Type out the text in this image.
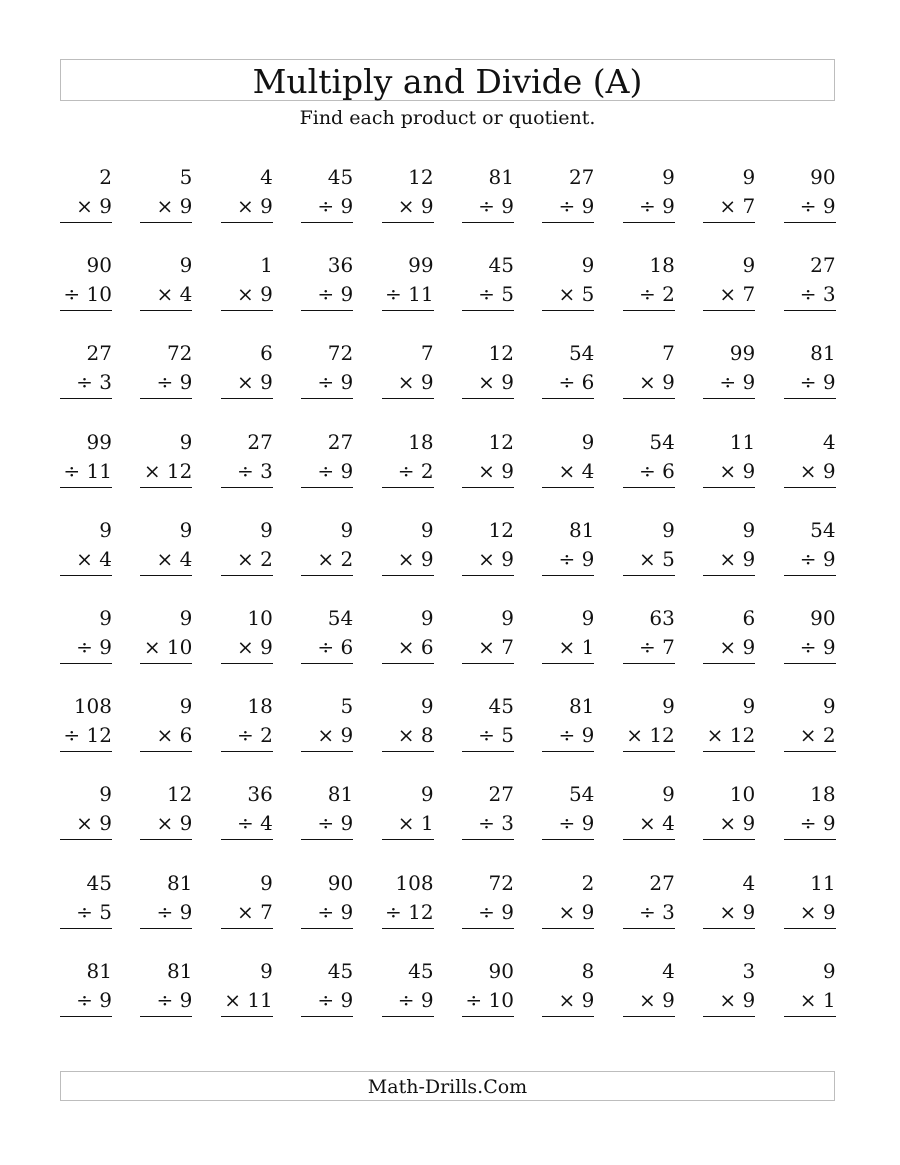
Multiply and Divide (A)
Find each product or quotient.
2
× 9
5
× 9
4
× 9
45
÷ 9
12
× 9
81
÷ 9
27
÷ 9
9
÷ 9
9
× 7
90
÷ 9
90
÷ 10
9
× 4
1
× 9
36
÷ 9
99
÷ 11
45
÷ 5
9
× 5
18
÷ 2
9
× 7
27
÷ 3
27
÷ 3
72
÷ 9
6
× 9
72
÷ 9
7
× 9
12
× 9
54
÷ 6
7
× 9
99
÷ 9
81
÷ 9
99
÷ 11
9
× 12
27
÷ 3
27
÷ 9
18
÷ 2
12
× 9
9
× 4
54
÷ 6
11
× 9
4
× 9
9
× 4
9
× 4
9
× 2
9
× 2
9
× 9
12
× 9
81
÷ 9
9
× 5
9
× 9
54
÷ 9
9
÷ 9
9
× 10
10
× 9
54
÷ 6
9
× 6
9
× 7
9
× 1
63
÷ 7
6
× 9
90
÷ 9
108
÷ 12
9
× 6
18
÷ 2
5
× 9
9
× 8
45
÷ 5
81
÷ 9
9
× 12
9
× 12
9
× 2
9
× 9
12
× 9
36
÷ 4
81
÷ 9
9
× 1
27
÷ 3
54
÷ 9
9
× 4
10
× 9
18
÷ 9
45
÷ 5
81
÷ 9
9
× 7
90
÷ 9
108
÷ 12
72
÷ 9
2
× 9
27
÷ 3
4
× 9
11
× 9
81
÷ 9
81
÷ 9
9
× 11
45
÷ 9
45
÷ 9
90
÷ 10
8
× 9
4
× 9
3
× 9
9
× 1
Math-Drills.Com
